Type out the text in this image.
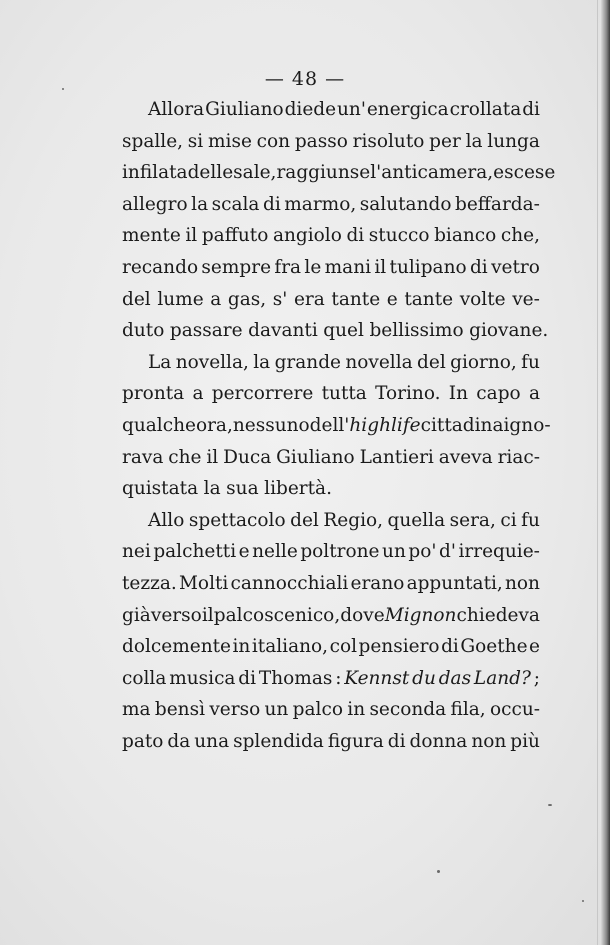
— 48 —
Allora Giuliano diede un' energica crollata di
spalle, si mise con passo risoluto per la lunga
infilata delle sale, raggiunse l'anticamera, e scese
allegro la scala di marmo, salutando beffarda-
mente il paffuto angiolo di stucco bianco che,
recando sempre fra le mani il tulipano di vetro
del lume a gas, s' era tante e tante volte ve-
duto passare davanti quel bellissimo giovane.
La novella, la grande novella del giorno, fu
pronta a percorrere tutta Torino. In capo a
qualche ora, nessuno dell'high life cittadina igno-
rava che il Duca Giuliano Lantieri aveva riac-
quistata la sua libertà.
Allo spettacolo del Regio, quella sera, ci fu
nei palchetti e nelle poltrone un po' d' irrequie-
tezza. Molti cannocchiali erano appuntati, non
già verso il palco scenico, dove Mignon chiedeva
dolcemente in italiano, col pensiero di Goethe e
colla musica di Thomas : Kennst du das Land? ;
ma bensì verso un palco in seconda fila, occu-
pato da una splendida figura di donna non più
